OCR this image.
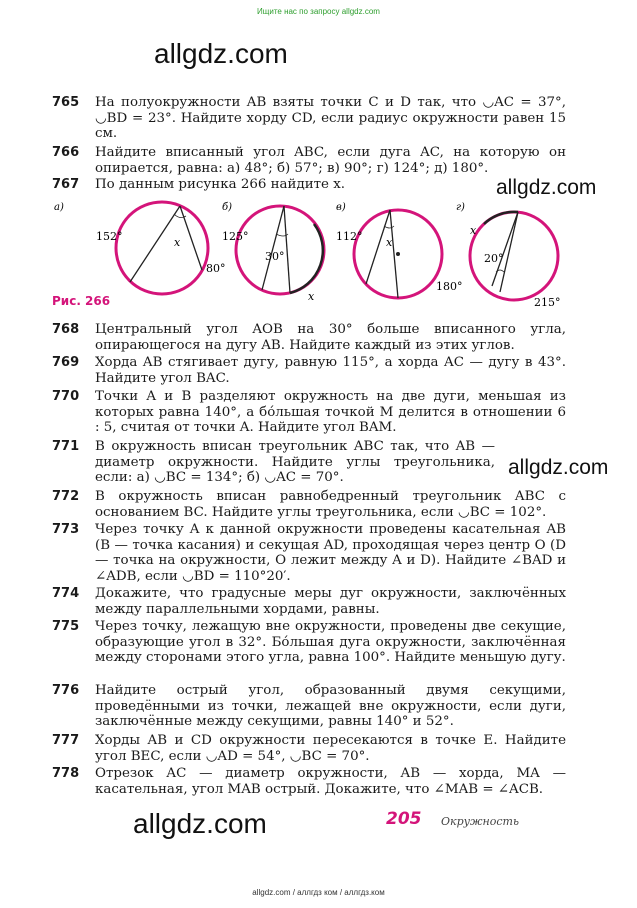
Ищите нас по запросу allgdz.com
allgdz.com
allgdz.com
allgdz.com
allgdz.com
765	На полуокружности AB взяты точки C и D так, что ◡AC = 37°, ◡BD = 23°. Найдите хорду CD, если радиус окружности равен 15 см.
766	Найдите вписанный угол ABC, если дуга AC, на которую он опирается, равна: а) 48°; б) 57°; в) 90°; г) 124°; д) 180°.
767	По данным рисунка 266 найдите x.
а)
152°	x
80°
б)
125°
30°
x
в)
112° x
180°
г)
x
20°
215°
Рис. 266
768	Центральный угол AOB на 30° больше вписанного угла, опирающегося на дугу AB. Найдите каждый из этих углов.
769	Хорда AB стягивает дугу, равную 115°, а хорда AC — дугу в 43°. Найдите угол BAC.
770	Точки A и B разделяют окружность на две дуги, меньшая из которых равна 140°, а бо́льшая точкой M делится в отношении 6 : 5, считая от точки A. Найдите угол BAM.
771	В окружность вписан треугольник ABC так, что AB — диаметр окружности. Найдите углы треугольника, если: а) ◡BC = 134°; б) ◡AC = 70°.
772	В окружность вписан равнобедренный треугольник ABC с основанием BC. Найдите углы треугольника, если ◡BC = 102°.
773	Через точку A к данной окружности проведены касательная AB (B — точка касания) и секущая AD, проходящая через центр O (D — точка на окружности, O лежит между A и D). Найдите ∠BAD и ∠ADB, если ◡BD = 110°20′.
774	Докажите, что градусные меры дуг окружности, заключённых между параллельными хордами, равны.
775	Через точку, лежащую вне окружности, проведены две секущие, образующие угол в 32°. Бо́льшая дуга окружности, заключённая между сторонами этого угла, равна 100°. Найдите меньшую дугу.
776	Найдите острый угол, образованный двумя секущими, проведёнными из точки, лежащей вне окружности, если дуги, заключённые между секущими, равны 140° и 52°.
777	Хорды AB и CD окружности пересекаются в точке E. Найдите угол BEC, если ◡AD = 54°, ◡BC = 70°.
778	Отрезок AC — диаметр окружности, AB — хорда, MA — касательная, угол MAB острый. Докажите, что ∠MAB = ∠ACB.
205 Окружность
allgdz.com / аллгдз ком / аллгдз.ком
